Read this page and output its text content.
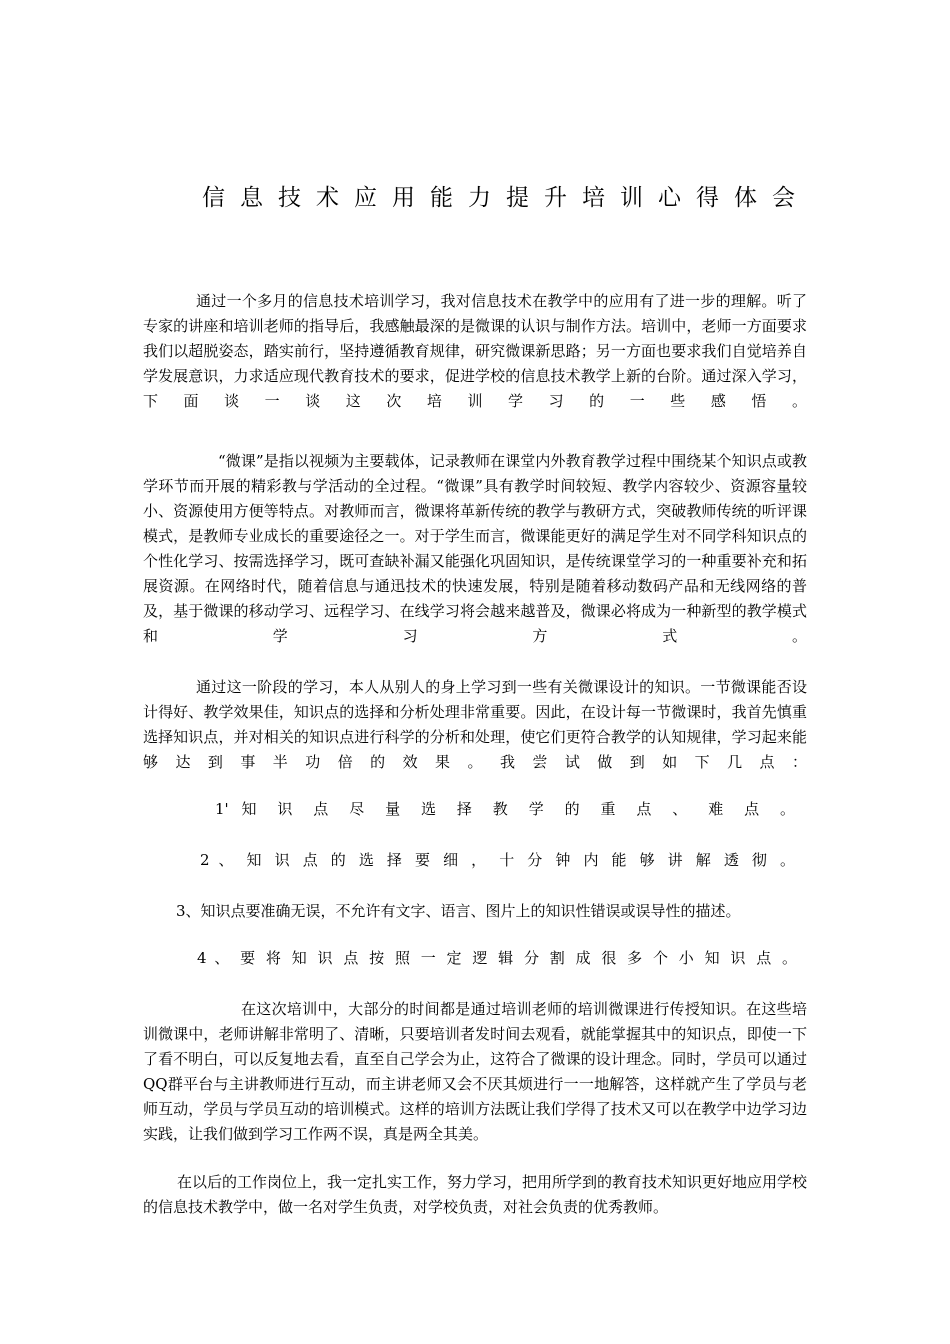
信息技术应用能力提升培训心得体会
通过一个多月的信息技术培训学习，我对信息技术在教学中的应用有了进一步的理解。听了专家的讲座和培训老师的指导后，我感触最深的是微课的认识与制作方法。培训中，老师一方面要求我们以超脱姿态，踏实前行，坚持遵循教育规律，研究微课新思路；另一方面也要求我们自觉培养自学发展意识，力求适应现代教育技术的要求，促进学校的信息技术教学上新的台阶。通过深入学习，下面谈一谈这次培训学习的一些感悟。
“微课”是指以视频为主要载体，记录教师在课堂内外教育教学过程中围绕某个知识点或教学环节而开展的精彩教与学活动的全过程。“微课”具有教学时间较短、教学内容较少、资源容量较小、资源使用方便等特点。对教师而言，微课将革新传统的教学与教研方式，突破教师传统的听评课模式，是教师专业成长的重要途径之一。对于学生而言，微课能更好的满足学生对不同学科知识点的个性化学习、按需选择学习，既可查缺补漏又能强化巩固知识，是传统课堂学习的一种重要补充和拓展资源。在网络时代，随着信息与通迅技术的快速发展，特别是随着移动数码产品和无线网络的普及，基于微课的移动学习、远程学习、在线学习将会越来越普及，微课必将成为一种新型的教学模式和学习方式。
通过这一阶段的学习，本人从别人的身上学习到一些有关微课设计的知识。一节微课能否设计得好、教学效果佳，知识点的选择和分析处理非常重要。因此，在设计每一节微课时，我首先慎重选择知识点，并对相关的知识点进行科学的分析和处理，使它们更符合教学的认知规律，学习起来能够达到事半功倍的效果。我尝试做到如下几点：
1' 知 识 点 尽 量 选 择 教 学 的 重 点 、 难 点 。
2 、 知 识 点 的 选 择 要 细 ， 十 分 钟 内 能 够 讲 解 透 彻 。
3、知识点要准确无误，不允许有文字、语言、图片上的知识性错误或误导性的描述。
4 、 要 将 知 识 点 按 照 一 定 逻 辑 分 割 成 很 多 个 小 知 识 点 。
在这次培训中，大部分的时间都是通过培训老师的培训微课进行传授知识。在这些培训微课中，老师讲解非常明了、清晰，只要培训者发时间去观看，就能掌握其中的知识点，即使一下了看不明白，可以反复地去看，直至自己学会为止，这符合了微课的设计理念。同时，学员可以通过QQ群平台与主讲教师进行互动，而主讲老师又会不厌其烦进行一一地解答，这样就产生了学员与老师互动，学员与学员互动的培训模式。这样的培训方法既让我们学得了技术又可以在教学中边学习边实践，让我们做到学习工作两不误，真是两全其美。
在以后的工作岗位上，我一定扎实工作，努力学习，把用所学到的教育技术知识更好地应用学校的信息技术教学中，做一名对学生负责，对学校负责，对社会负责的优秀教师。
